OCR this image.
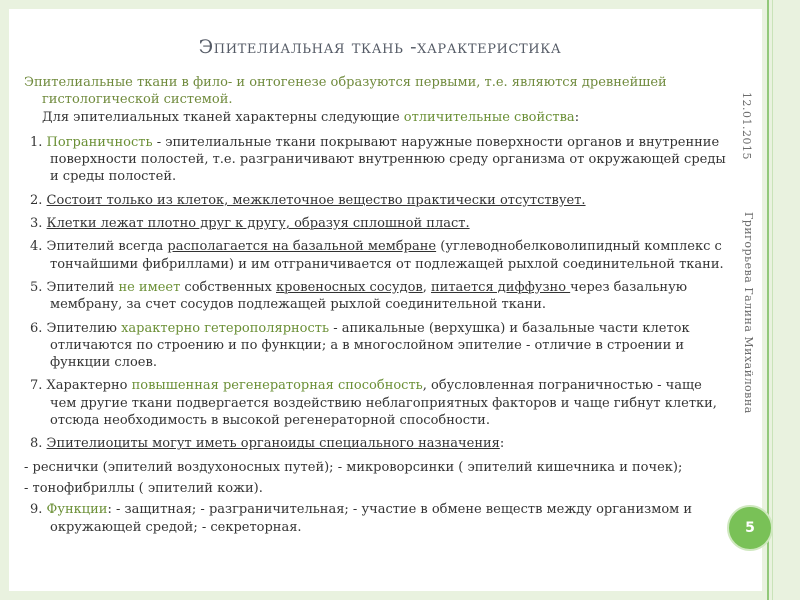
Эпителиальная ткань -характеристика

Эпителиальные ткани в фило- и онтогенезе образуются первыми, т.е. являются древнейшей гистологической системой.
Для эпителиальных тканей характерны следующие отличительные свойства:

1. Пограничность - эпителиальные ткани покрывают наружные поверхности органов и внутренние поверхности полостей, т.е. разграничивают внутреннюю среду организма от окружающей среды и среды полостей.

2. Состоит только из клеток, межклеточное вещество практически отсутствует.

3. Клетки лежат плотно друг к другу, образуя сплошной пласт.

4. Эпителий всегда располагается на базальной мембране (углеводнобелковолипидный комплекс с тончайшими фибриллами) и им отграничивается от подлежащей рыхлой соединительной ткани.

5. Эпителий не имеет собственных кровеносных сосудов, питается диффузно через базальную мембрану, за счет сосудов подлежащей рыхлой соединительной ткани.

6. Эпителию характерно гетерополярность - апикальные (верхушка) и базальные части клеток отличаются по строению и по функции; а в многослойном эпителие - отличие в строении и функции слоев.

7. Характерно повышенная регенераторная способность, обусловленная пограничностью - чаще чем другие ткани подвергается воздействию неблагоприятных факторов и чаще гибнут клетки, отсюда необходимость в высокой регенераторной способности.

8. Эпителиоциты могут иметь органоиды специального назначения:

- реснички (эпителий воздухоносных путей); - микроворсинки ( эпителий кишечника и почек);

- тонофибриллы ( эпителий кожи).

9. Функции: - защитная; - разграничительная; - участие в обмене веществ между организмом и окружающей средой; - секреторная.

12.01.2015
Григорьева Галина Михайловна
5
